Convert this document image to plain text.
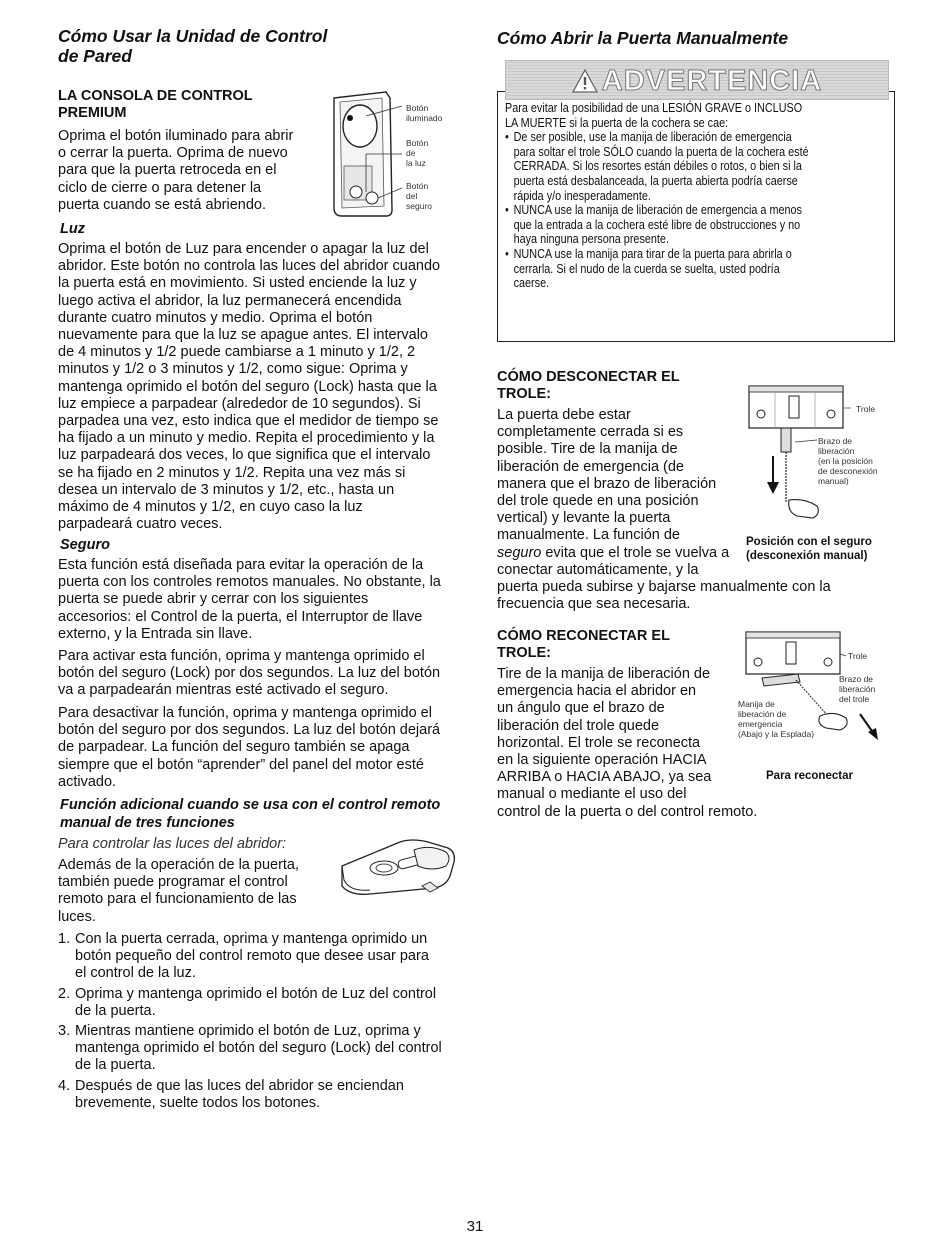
Cómo Usar la Unidad de Control
de Pared
LA CONSOLA DE CONTROL
PREMIUM
Oprima el botón iluminado para abrir
o cerrar la puerta. Oprima de nuevo
para que la puerta retroceda en el
ciclo de cierre o para detener la
puerta cuando se está abriendo.
Botón
iluminado
Botón
de
la luz
Botón
del
seguro
Luz
Oprima el botón de Luz para encender o apagar la luz del
abridor. Este botón no controla las luces del abridor cuando
la puerta está en movimiento. Si usted enciende la luz y
luego activa el abridor, la luz permanecerá encendida
durante cuatro minutos y medio. Oprima el botón
nuevamente para que la luz se apague antes. El intervalo
de 4 minutos y 1/2 puede cambiarse a 1 minuto y 1/2, 2
minutos y 1/2 o 3 minutos y 1/2, como sigue: Oprima y
mantenga oprimido el botón del seguro (Lock) hasta que la
luz empiece a parpadear (alrededor de 10 segundos). Si
parpadea una vez, esto indica que el medidor de tiempo se
ha fijado a un minuto y medio. Repita el procedimiento y la
luz parpadeará dos veces, lo que significa que el intervalo
se ha fijado en 2 minutos y 1/2. Repita una vez más si
desea un intervalo de 3 minutos y 1/2, etc., hasta un
máximo de 4 minutos y 1/2, en cuyo caso la luz
parpadeará cuatro veces.
Seguro
Esta función está diseñada para evitar la operación de la
puerta con los controles remotos manuales. No obstante, la
puerta se puede abrir y cerrar con los siguientes
accesorios: el Control de la puerta, el Interruptor de llave
externo, y la Entrada sin llave.
Para activar esta función, oprima y mantenga oprimido el
botón del seguro (Lock) por dos segundos. La luz del botón
va a parpadearán mientras esté activado el seguro.
Para desactivar la función, oprima y mantenga oprimido el
botón del seguro por dos segundos. La luz del botón dejará
de parpadear. La función del seguro también se apaga
siempre que el botón “aprender” del panel del motor esté
activado.
Función adicional cuando se usa con el control remoto
manual de tres funciones
Para controlar las luces del abridor:
Además de la operación de la puerta,
también puede programar el control
remoto para el funcionamiento de las
luces.
1. Con la puerta cerrada, oprima y mantenga oprimido un
botón pequeño del control remoto que desee usar para
el control de la luz.
2. Oprima y mantenga oprimido el botón de Luz del control
de la puerta.
3. Mientras mantiene oprimido el botón de Luz, oprima y
mantenga oprimido el botón del seguro (Lock) del control
de la puerta.
4. Después de que las luces del abridor se enciendan
brevemente, suelte todos los botones.
Cómo Abrir la Puerta Manualmente
ADVERTENCIA
Para evitar la posibilidad de una LESIÓN GRAVE o INCLUSO
LA MUERTE si la puerta de la cochera se cae:
• De ser posible, use la manija de liberación de emergencia
para soltar el trole SÓLO cuando la puerta de la cochera esté
CERRADA. Si los resortes están débiles o rotos, o bien si la
puerta está desbalanceada, la puerta abierta podría caerse
rápida y/o inesperadamente.
• NUNCA use la manija de liberación de emergencia a menos
que la entrada a la cochera esté libre de obstrucciones y no
haya ninguna persona presente.
• NUNCA use la manija para tirar de la puerta para abrirla o
cerrarla. Si el nudo de la cuerda se suelta, usted podría
caerse.
CÓMO DESCONECTAR EL
TROLE:
La puerta debe estar
completamente cerrada si es
posible. Tire de la manija de
liberación de emergencia (de
manera que el brazo de liberación
del trole quede en una posición
vertical) y levante la puerta
manualmente. La función de
seguro evita que el trole se vuelva a
conectar automáticamente, y la
puerta pueda subirse y bajarse manualmente con la
frecuencia que sea necesaria.
Trole
Brazo de
liberación
(en la posición
de desconexión
manual)
Posición con el seguro
(desconexión manual)
CÓMO RECONECTAR EL
TROLE:
Tire de la manija de liberación de
emergencia hacia el abridor en
un ángulo que el brazo de
liberación del trole quede
horizontal. El trole se reconecta
en la siguiente operación HACIA
ARRIBA o HACIA ABAJO, ya sea
manual o mediante el uso del
control de la puerta o del control remoto.
Trole
Brazo de
liberación
del trole
Manija de
liberación de
emergencia
(Abajo y la Esplada)
Para reconectar
31
